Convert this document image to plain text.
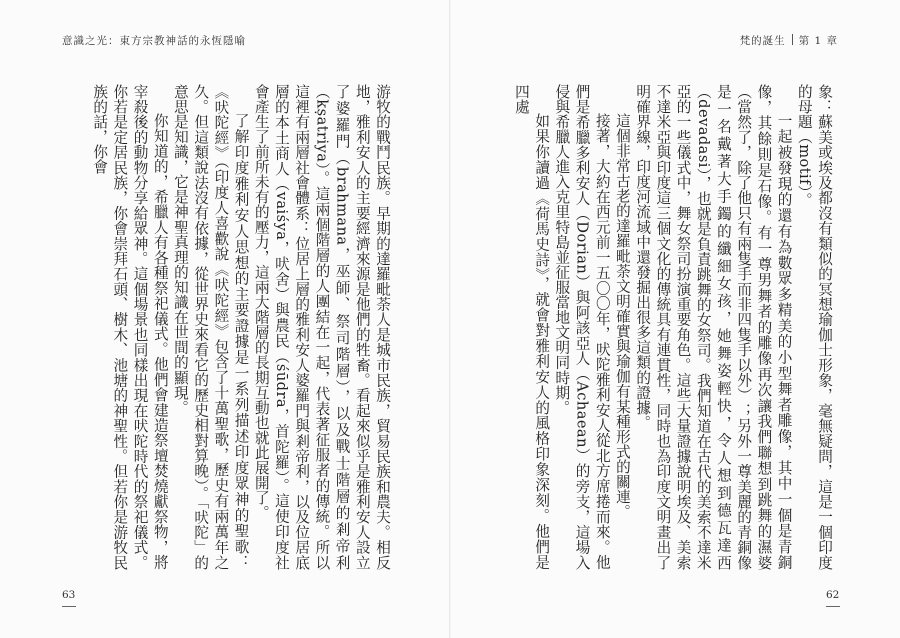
意識之光：東方宗教神話的永恆隱喻

游牧的戰鬥民族。早期的達羅毗荼人是城市民族，貿易民族和農夫。相反地，雅利安人的主要經濟來源是他們的牲畜。看起來似乎是雅利安人設立了婆羅門（brahmana，巫師、祭司階層），以及戰士階層的剎帝利（kṣatriya）。這兩個階層的人團結在一起，代表著征服者的傳統。所以這裡有兩層社會體系：位居上層的雅利安人婆羅門與剎帝利，以及位居底層的本土商人（vaiśya，吠舍）與農民（śūdra，首陀羅）。這使印度社會產生了前所未有的壓力，這兩大階層的長期互動也就此展開了。

了解印度雅利安人思想的主要證據是一系列描述印度眾神的聖歌：《吠陀經》（印度人喜歡說《吠陀經》包含了十萬聖歌，歷史有兩萬年之久。但這類說法沒有依據，從世界史來看它的歷史相對算晚）。「吠陀」的意思是知識，它是神聖真理的知識在世間的顯現。

你知道的，希臘人有各種祭祀儀式。他們會建造祭壇焚燒獻祭物，將宰殺後的動物分享給眾神。這個場景也同樣出現在吠陀時代的祭祀儀式。你若是定居民族，你會崇拜石頭、樹木、池塘的神聖性。但若你是游牧民族的話，你會

63
梵的誕生 第 1 章

象：蘇美或埃及都沒有類似的冥想瑜伽士形象，毫無疑問，這是一個印度的母題（motif）。

一起被發現的還有為數眾多精美的小型舞者雕像，其中一個是青銅像，其餘則是石像。有一尊男舞者的雕像再次讓我們聯想到跳舞的濕婆（當然了，除了他只有兩隻手而非四隻手以外）；另外一尊美麗的青銅像是一名戴著大手鐲的纖細女孩，她舞姿輕快，令人想到德瓦達西（devadasi），也就是負責跳舞的女祭司。我們知道在古代的美索不達米亞的一些儀式中，舞女祭司扮演重要角色。這些大量證據說明埃及、美索不達米亞與印度這三個文化的傳統具有連貫性，同時也為印度文明畫出了明確界線，印度河流域中還發掘出很多這類的證據。

這個非常古老的達羅毗荼文明確實與瑜伽有某種形式的關連。

接著，大約在西元前一五〇〇年，吠陀雅利安人從北方席捲而來。他們是希臘多利安人（Dorian）與阿該亞人（Achaean）的旁支，這場入侵與希臘人進入克里特島並征服當地文明同時期。

如果你讀過《荷馬史詩》，就會對雅利安人的風格印象深刻。他們是四處

62
